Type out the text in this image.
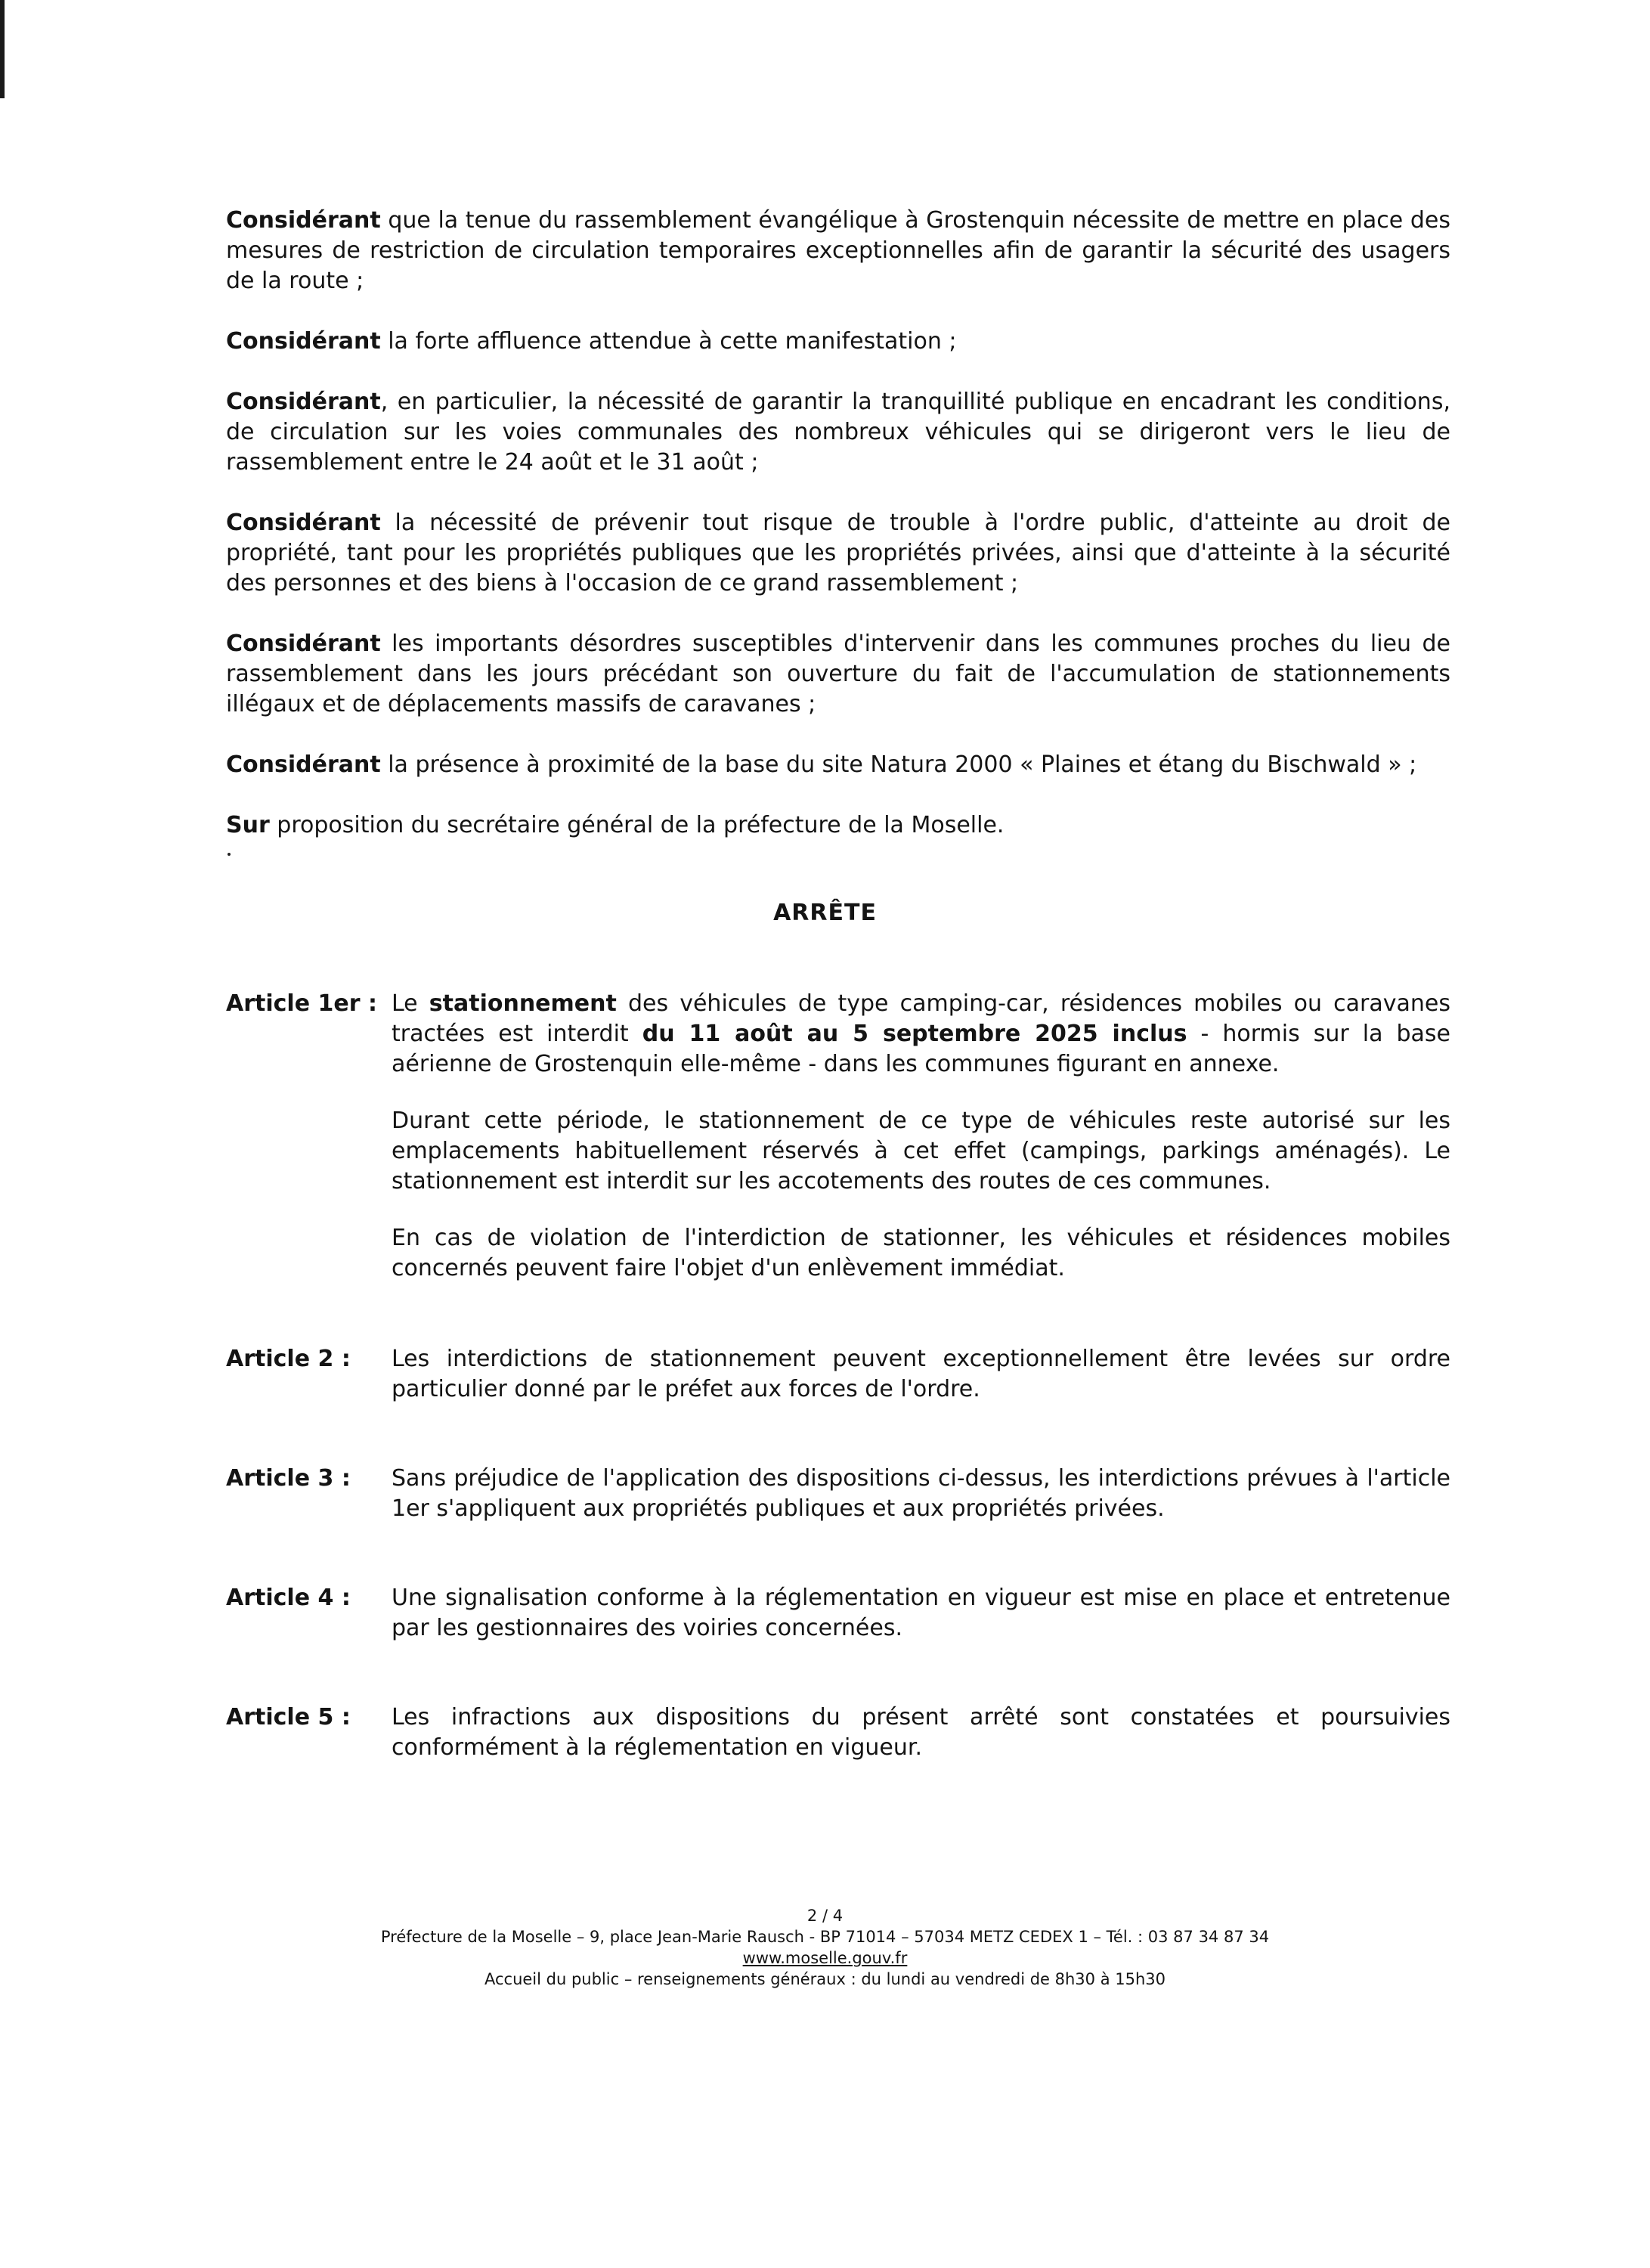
Considérant que la tenue du rassemblement évangélique à Grostenquin nécessite de mettre en place des mesures de restriction de circulation temporaires exceptionnelles afin de garantir la sécurité des usagers de la route ;

Considérant la forte affluence attendue à cette manifestation ;

Considérant, en particulier, la nécessité de garantir la tranquillité publique en encadrant les conditions, de circulation sur les voies communales des nombreux véhicules qui se dirigeront vers le lieu de rassemblement entre le 24 août et le 31 août ;

Considérant la nécessité de prévenir tout risque de trouble à l'ordre public, d'atteinte au droit de propriété, tant pour les propriétés publiques que les propriétés privées, ainsi que d'atteinte à la sécurité des personnes et des biens à l'occasion de ce grand rassemblement ;

Considérant les importants désordres susceptibles d'intervenir dans les communes proches du lieu de rassemblement dans les jours précédant son ouverture du fait de l'accumulation de stationnements illégaux et de déplacements massifs de caravanes ;

Considérant la présence à proximité de la base du site Natura 2000 « Plaines et étang du Bischwald » ;

Sur proposition du secrétaire général de la préfecture de la Moselle.

ARRÊTE
Article 1er : Le stationnement des véhicules de type camping-car, résidences mobiles ou caravanes tractées est interdit du 11 août au 5 septembre 2025 inclus - hormis sur la base aérienne de Grostenquin elle-même - dans les communes figurant en annexe.

Durant cette période, le stationnement de ce type de véhicules reste autorisé sur les emplacements habituellement réservés à cet effet (campings, parkings aménagés). Le stationnement est interdit sur les accotements des routes de ces communes.

En cas de violation de l'interdiction de stationner, les véhicules et résidences mobiles concernés peuvent faire l'objet d'un enlèvement immédiat.

Article 2 :	Les interdictions de stationnement peuvent exceptionnellement être levées sur ordre particulier donné par le préfet aux forces de l'ordre.

Article 3 :	Sans préjudice de l'application des dispositions ci-dessus, les interdictions prévues à l'article 1er s'appliquent aux propriétés publiques et aux propriétés privées.

Article 4 :	Une signalisation conforme à la réglementation en vigueur est mise en place et entretenue par les gestionnaires des voiries concernées.

Article 5 :	Les infractions aux dispositions du présent arrêté sont constatées et poursuivies conformément à la réglementation en vigueur.

2 / 4
Préfecture de la Moselle – 9, place Jean-Marie Rausch - BP 71014 – 57034 METZ CEDEX 1 – Tél. : 03 87 34 87 34
www.moselle.gouv.fr
Accueil du public – renseignements généraux : du lundi au vendredi de 8h30 à 15h30
